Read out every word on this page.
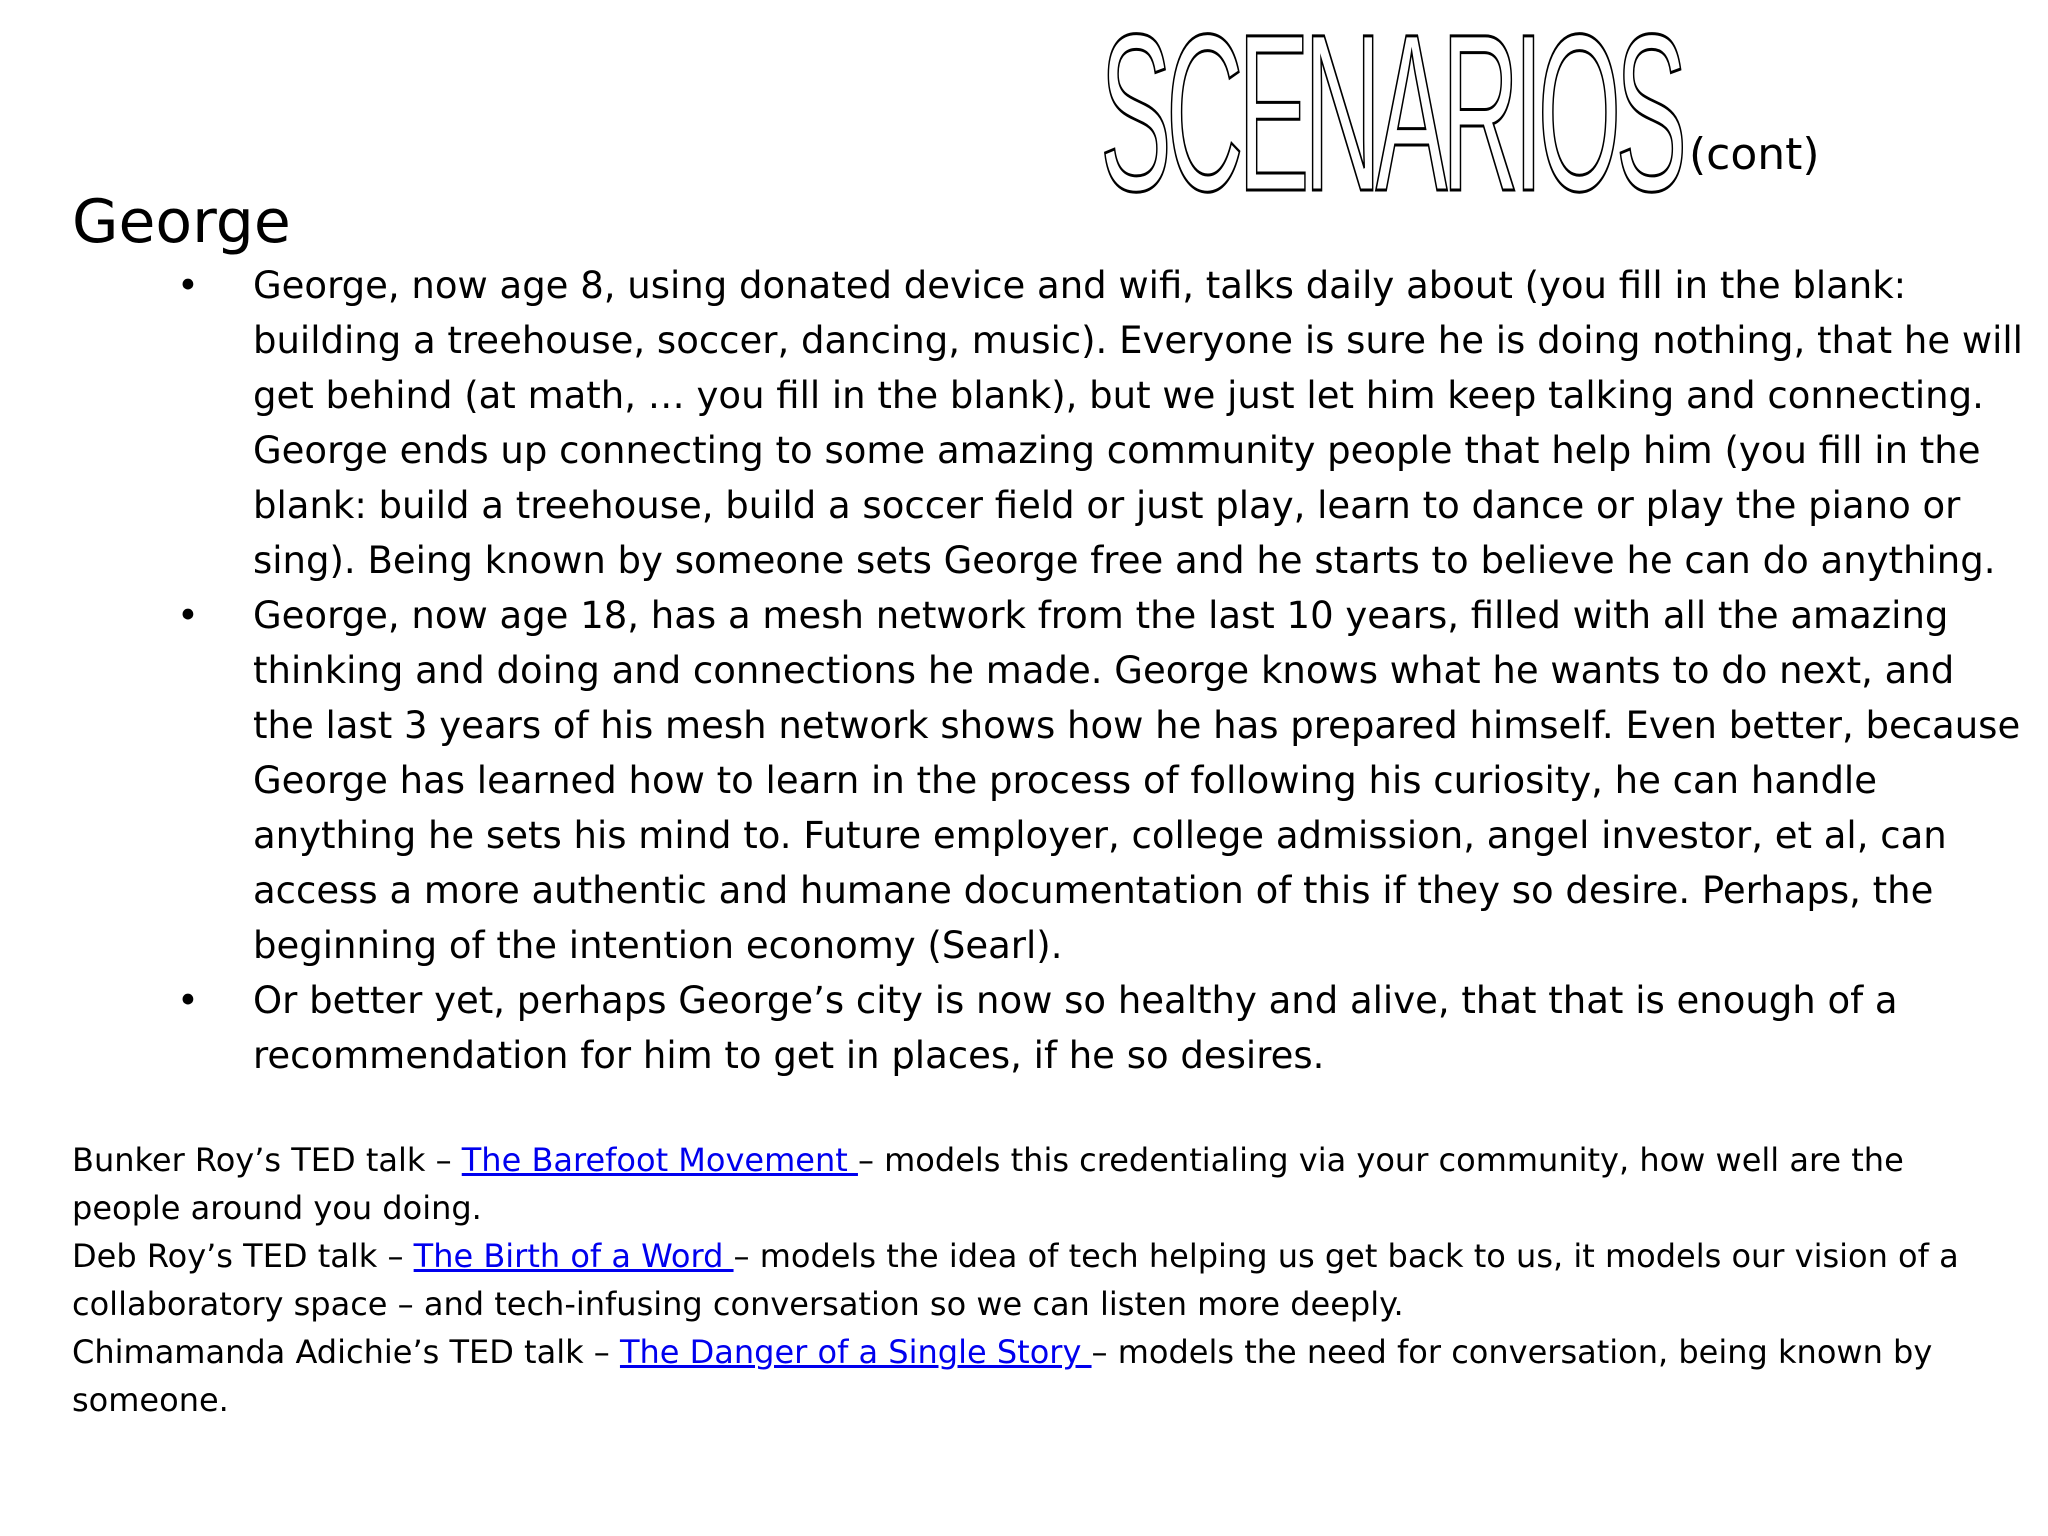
SCENARIOS (cont)
George
• George, now age 8, using donated device and wifi, talks daily about (you fill in the blank: building a treehouse, soccer, dancing, music). Everyone is sure he is doing nothing, that he will get behind (at math, … you fill in the blank), but we just let him keep talking and connecting. George ends up connecting to some amazing community people that help him (you fill in the blank: build a treehouse, build a soccer field or just play, learn to dance or play the piano or sing). Being known by someone sets George free and he starts to believe he can do anything.
• George, now age 18, has a mesh network from the last 10 years, filled with all the amazing thinking and doing and connections he made. George knows what he wants to do next, and the last 3 years of his mesh network shows how he has prepared himself. Even better, because George has learned how to learn in the process of following his curiosity, he can handle anything he sets his mind to. Future employer, college admission, angel investor, et al, can access a more authentic and humane documentation of this if they so desire. Perhaps, the beginning of the intention economy (Searl).
• Or better yet, perhaps George’s city is now so healthy and alive, that that is enough of a recommendation for him to get in places, if he so desires.

Bunker Roy’s TED talk – The Barefoot Movement – models this credentialing via your community, how well are the people around you doing.

Deb Roy’s TED talk – The Birth of a Word – models the idea of tech helping us get back to us, it models our vision of a collaboratory space – and tech-infusing conversation so we can listen more deeply.

Chimamanda Adichie’s TED talk – The Danger of a Single Story – models the need for conversation, being known by someone.
